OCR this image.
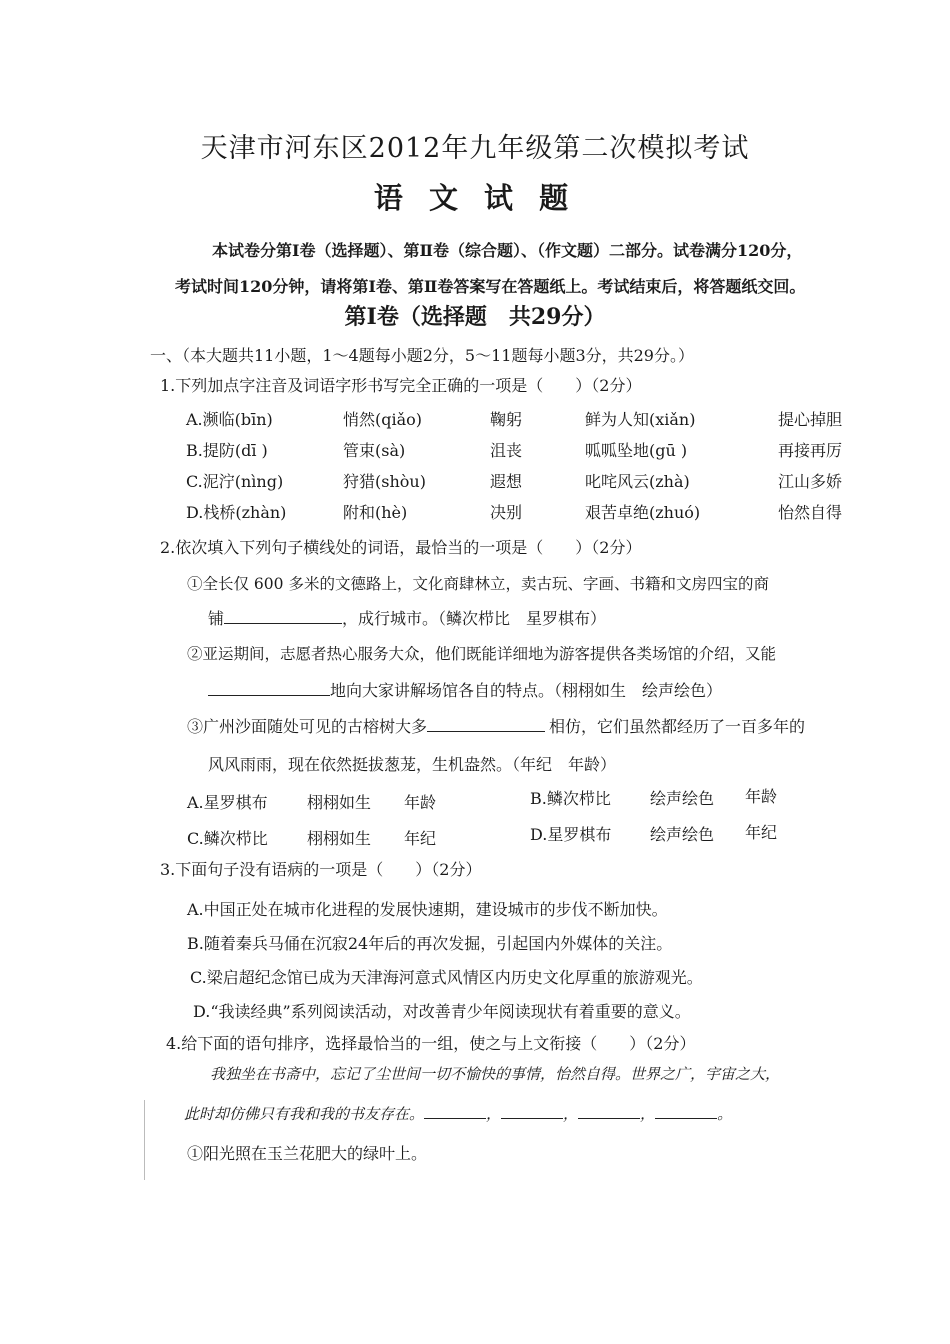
天津市河东区2012年九年级第二次模拟考试
语 文 试 题
本试卷分第Ⅰ卷（选择题）、第Ⅱ卷（综合题）、（作文题）二部分。试卷满分120分，
考试时间120分钟，请将第Ⅰ卷、第Ⅱ卷答案写在答题纸上。考试结束后，将答题纸交回。
第Ⅰ卷（选择题　共29分）
一、（本大题共11小题，1～4题每小题2分，5～11题每小题3分，共29分。）
1.下列加点字注音及词语字形书写完全正确的一项是（　　）（2分）
A.濒临(bīn)	悄然(qiǎo)	鞠躬	鲜为人知(xiǎn)	提心掉胆
B.提防(dī )	管束(sà)	沮丧	呱呱坠地(gū )	再接再厉
C.泥泞(nìng)	狩猎(shòu)	遐想	叱咤风云(zhà)	江山多娇
D.栈桥(zhàn)	附和(hè)	决别	艰苦卓绝(zhuó)	怡然自得
2.依次填入下列句子横线处的词语，最恰当的一项是（　　）（2分）
①全长仅 600 多米的文德路上，文化商肆林立，卖古玩、字画、书籍和文房四宝的商
铺	，成行城市。（鳞次栉比　星罗棋布）
②亚运期间，志愿者热心服务大众，他们既能详细地为游客提供各类场馆的介绍，又能
地向大家讲解场馆各自的特点。（栩栩如生　绘声绘色）
③广州沙面随处可见的古榕树大多	相仿，它们虽然都经历了一百多年的
风风雨雨，现在依然挺拔葱茏，生机盎然。（年纪　年龄）
A.星罗棋布 栩栩如生 年龄	B.鳞次栉比 绘声绘色 年龄
C.鳞次栉比 栩栩如生 年纪	D.星罗棋布 绘声绘色 年纪
3.下面句子没有语病的一项是（　　）（2分）
A.中国正处在城市化进程的发展快速期，建设城市的步伐不断加快。
B.随着秦兵马俑在沉寂24年后的再次发掘，引起国内外媒体的关注。
C.梁启超纪念馆已成为天津海河意式风情区内历史文化厚重的旅游观光。
D.“我读经典”系列阅读活动，对改善青少年阅读现状有着重要的意义。
4.给下面的语句排序，选择最恰当的一组，使之与上文衔接（　　）（2分）
我独坐在书斋中，忘记了尘世间一切不愉快的事情，怡然自得。世界之广，宇宙之大，
此时却仿佛只有我和我的书友存在。	，	，	，	。
①阳光照在玉兰花肥大的绿叶上。
